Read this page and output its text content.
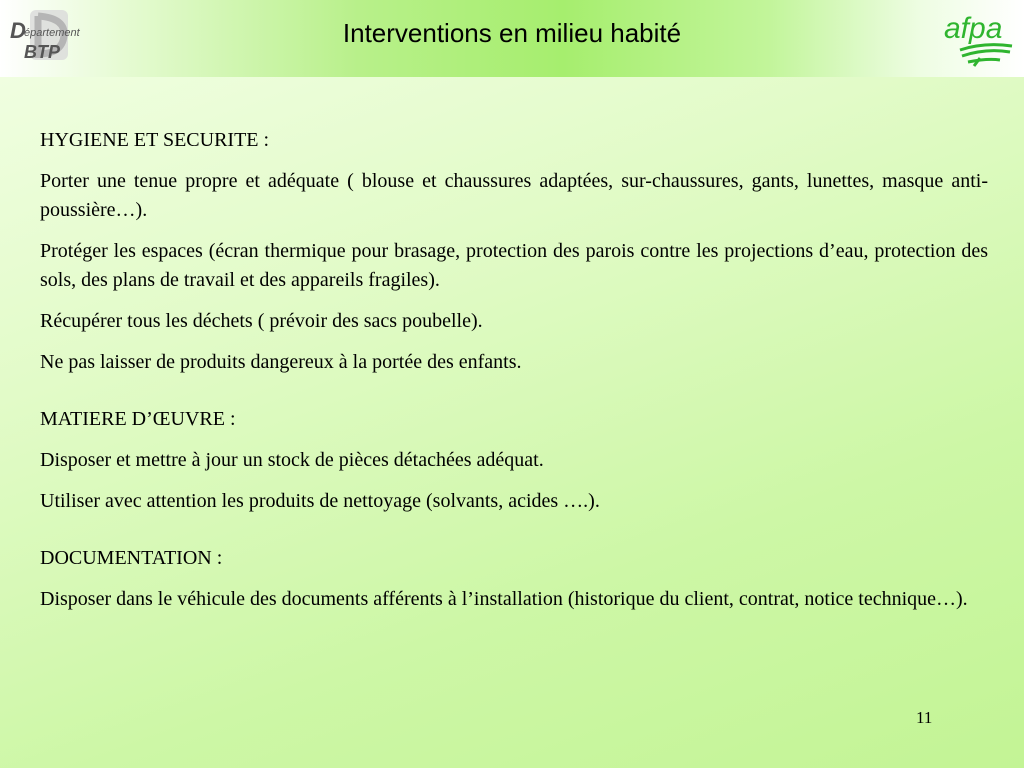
D
épartement
BTP
Interventions en milieu habité	afpa

HYGIENE ET SECURITE :

Porter une tenue propre et adéquate ( blouse et chaussures adaptées, sur-chaussures, gants, lunettes, masque anti-poussière…).

Protéger les espaces (écran thermique pour brasage, protection des parois contre les projections d’eau, protection des sols, des plans de travail et des appareils fragiles).

Récupérer tous les déchets ( prévoir des sacs poubelle).

Ne pas laisser de produits dangereux à la portée des enfants.

MATIERE D’ŒUVRE :

Disposer et mettre à jour un stock de pièces détachées adéquat.

Utiliser avec attention les produits de nettoyage (solvants, acides ….).

DOCUMENTATION :

Disposer dans le véhicule des documents afférents à l’installation (historique du client, contrat, notice technique…).

11
